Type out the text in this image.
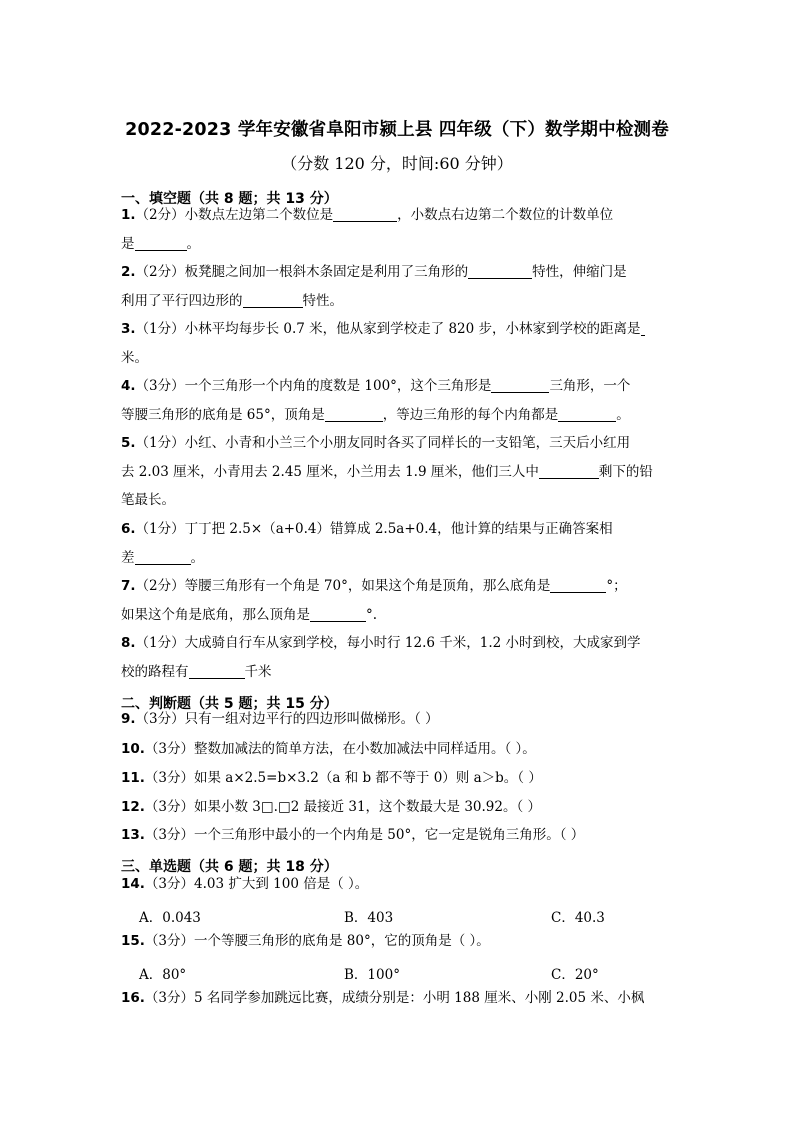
2022-2023 学年安徽省阜阳市颍上县 四年级（下）数学期中检测卷
（分数 120 分，时间:60 分钟）
一、填空题（共 8 题；共 13 分）
1.（2分）小数点左边第二个数位是	，小数点右边第二个数位的计数单位
是	。
2.（2分）板凳腿之间加一根斜木条固定是利用了三角形的	特性，伸缩门是
利用了平行四边形的	特性。
3.（1分）小林平均每步长 0.7 米，他从家到学校走了 820 步，小林家到学校的距离是
米。
4.（3分）一个三角形一个内角的度数是 100°，这个三角形是	三角形，一个
等腰三角形的底角是 65°，顶角是	，等边三角形的每个内角都是	。
5.（1分）小红、小青和小兰三个小朋友同时各买了同样长的一支铅笔，三天后小红用
去 2.03 厘米，小青用去 2.45 厘米，小兰用去 1.9 厘米，他们三人中	剩下的铅
笔最长。
6.（1分）丁丁把 2.5×（a+0.4）错算成 2.5a+0.4，他计算的结果与正确答案相
差	。
7.（2分）等腰三角形有一个角是 70°，如果这个角是顶角，那么底角是	°；
如果这个角是底角，那么顶角是	°.
8.（1分）大成骑自行车从家到学校，每小时行 12.6 千米，1.2 小时到校，大成家到学
校的路程有	千米
二、判断题（共 5 题；共 15 分）
9.（3分）只有一组对边平行的四边形叫做梯形。（ ）
10.（3分）整数加减法的简单方法，在小数加减法中同样适用。（ ）。
11.（3分）如果 a×2.5=b×3.2（a 和 b 都不等于 0）则 a＞b。（ ）
12.（3分）如果小数 3□.□2 最接近 31，这个数最大是 30.92。（ ）
13.（3分）一个三角形中最小的一个内角是 50°，它一定是锐角三角形。（ ）
三、单选题（共 6 题；共 18 分）
14.（3分）4.03 扩大到 100 倍是（ ）。
A．0.043	B．403	C．40.3
15.（3分）一个等腰三角形的底角是 80°，它的顶角是（ ）。
A．80°	B．100°	C．20°
16.（3分）5 名同学参加跳远比赛，成绩分别是：小明 188 厘米、小刚 2.05 米、小枫
